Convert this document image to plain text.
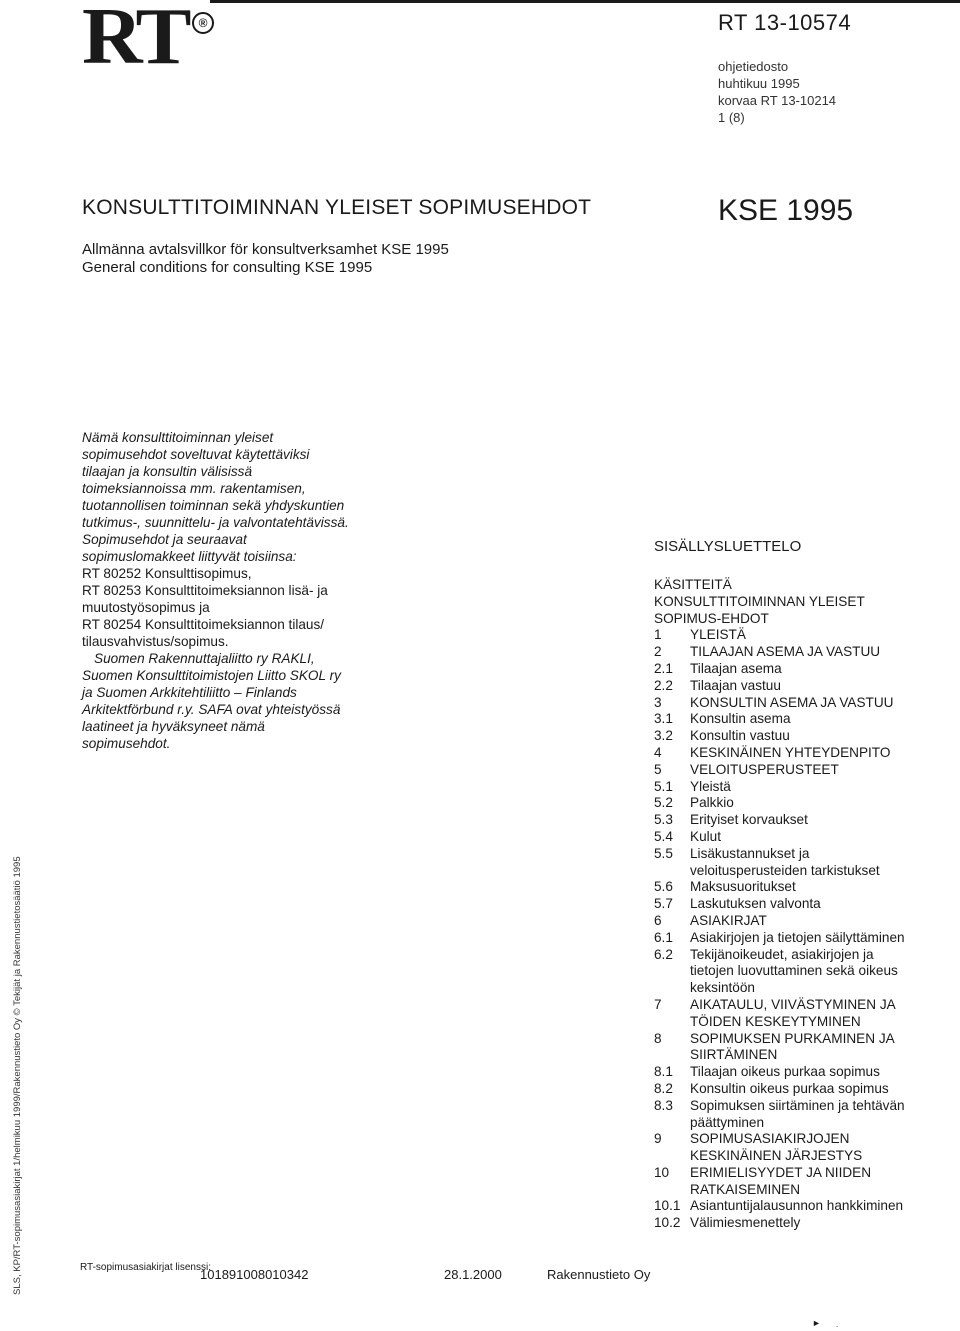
RT ®	RT 13-10574
ohjetiedosto
huhtikuu 1995
korvaa RT 13-10214
1 (8)
KONSULTTITOIMINNAN YLEISET SOPIMUSEHDOT	KSE 1995
Allmänna avtalsvillkor för konsultverksamhet KSE 1995
General conditions for consulting KSE 1995

Nämä konsulttitoiminnan yleiset sopimusehdot soveltuvat käytettäviksi tilaajan ja konsultin välisissä toimeksiannoissa mm. rakentamisen, tuotannollisen toiminnan sekä yhdyskuntien tutkimus-, suunnittelu- ja valvontatehtävissä. Sopimusehdot ja seuraavat sopimuslomakkeet liittyvät toisiinsa:

RT 80252 Konsulttisopimus,

RT 80253 Konsulttitoimeksiannon lisä- ja muutostyösopimus ja

RT 80254 Konsulttitoimeksiannon tilaus/ tilausvahvistus/sopimus.

Suomen Rakennuttajaliitto ry RAKLI, Suomen Konsulttitoimistojen Liitto SKOL ry ja Suomen Arkkitehtiliitto – Finlands Arkitektförbund r.y. SAFA ovat yhteistyössä laatineet ja hyväksyneet nämä sopimusehdot.

SISÄLLYSLUETTELO
KÄSITTEITÄ
KONSULTTITOIMINNAN YLEISET SOPIMUS-EHDOT
1	YLEISTÄ
2	TILAAJAN ASEMA JA VASTUU
2.1	Tilaajan asema
2.2	Tilaajan vastuu
3	KONSULTIN ASEMA JA VASTUU
3.1	Konsultin asema
3.2	Konsultin vastuu
4	KESKINÄINEN YHTEYDENPITO
5	VELOITUSPERUSTEET
5.1	Yleistä
5.2	Palkkio
5.3	Erityiset korvaukset
5.4	Kulut
5.5	Lisäkustannukset ja veloitusperusteiden tarkistukset
5.6	Maksusuoritukset
5.7	Laskutuksen valvonta
6	ASIAKIRJAT
6.1	Asiakirjojen ja tietojen säilyttäminen
6.2	Tekijänoikeudet, asiakirjojen ja tietojen luovuttaminen sekä oikeus keksintöön
7	AIKATAULU, VIIVÄSTYMINEN JA TÖIDEN KESKEYTYMINEN
8	SOPIMUKSEN PURKAMINEN JA SIIRTÄMINEN
8.1	Tilaajan oikeus purkaa sopimus
8.2	Konsultin oikeus purkaa sopimus
8.3	Sopimuksen siirtäminen ja tehtävän päättyminen
9	SOPIMUSASIAKIRJOJEN KESKINÄINEN JÄRJESTYS
10	ERIMIELISYYDET JA NIIDEN RATKAISEMINEN
10.1 Asiantuntijalausunnon hankkiminen
10.2 Välimiesmenettely
SLS, KP/RT-sopimusasiakirjat 1/helmikuu 1999/Rakennustieto Oy © Tekijät ja Rakennustietosäätiö 1995	RT-sopimusasiakirjat lisenssi:
101891008010342	28.1.2000	Rakennustieto Oy
► .
